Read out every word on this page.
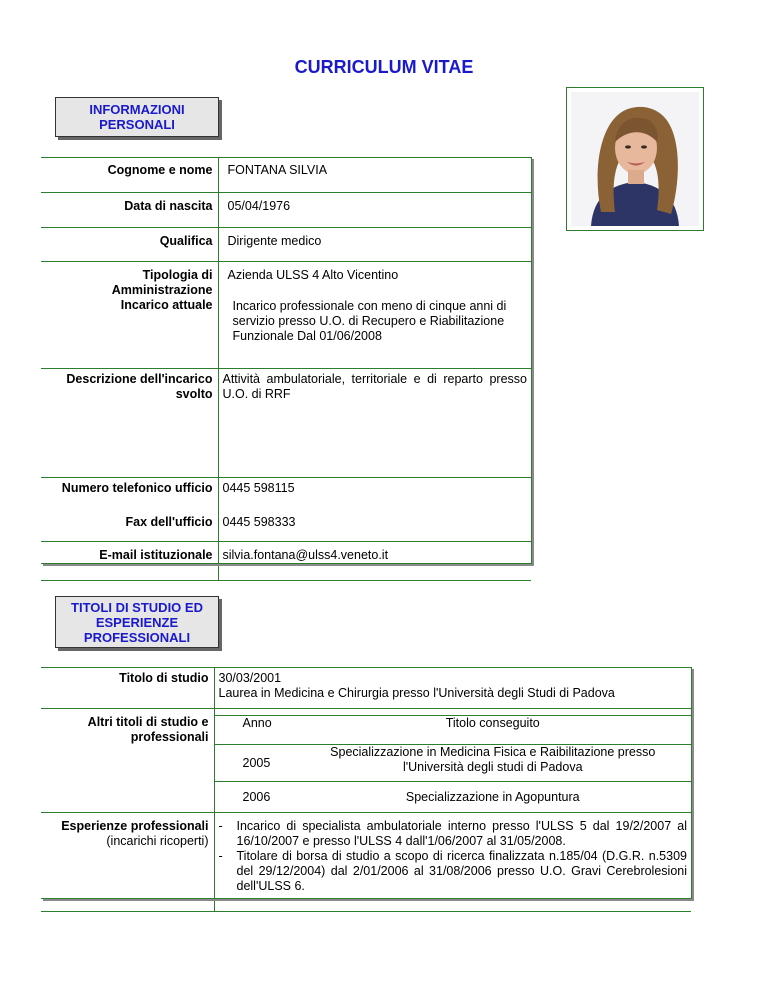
CURRICULUM VITAE
INFORMAZIONI PERSONALI
Cognome e nome	FONTANA SILVIA
Data di nascita	05/04/1976
Qualifica	Dirigente medico
Tipologia di Amministrazione	Azienda ULSS 4 Alto Vicentino
Incarico attuale	Incarico professionale con meno di cinque anni di servizio presso U.O. di Recupero e Riabilitazione Funzionale Dal 01/06/2008
Descrizione dell'incarico svolto	Attività ambulatoriale, territoriale e di reparto presso U.O. di RRF
Numero telefonico ufficio	0445 598115
Fax dell'ufficio	0445 598333
E-mail istituzionale	silvia.fontana@ulss4.veneto.it
TITOLI DI STUDIO ED ESPERIENZE PROFESSIONALI
Titolo di studio	30/03/2001
Laurea in Medicina e Chirurgia presso l'Università degli Studi di Padova

Altri titoli di studio e professionali	
Anno	Titolo conseguito
2005	Specializzazione in Medicina Fisica e Raibilitazione presso l'Università degli studi di Padova
2006	Specializzazione in Agopuntura

Esperienze professionali
(incarichi ricoperti)

- Incarico di specialista ambulatoriale interno presso l'ULSS 5 dal 19/2/2007 al 16/10/2007 e presso l'ULSS 4 dall'1/06/2007 al 31/05/2008.
- Titolare di borsa di studio a scopo di ricerca finalizzata n.185/04 (D.G.R. n.5309 del 29/12/2004) dal 2/01/2006 al 31/08/2006 presso U.O. Gravi Cerebrolesioni dell'ULSS 6.
